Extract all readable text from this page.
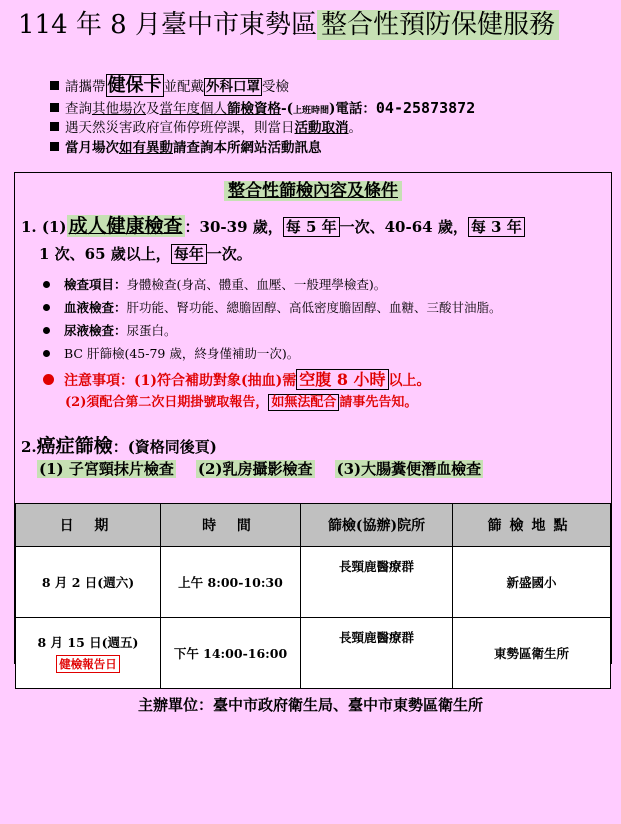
114 年 8 月臺中市東勢區 整合性預防保健服務
請攜帶 健保卡 並配戴 外科口罩 受檢
查詢其他場次及當年度個人篩檢資格-(上班時間)電話：04-25873872
遇天然災害政府宣佈停班停課，則當日活動取消。
當月場次如有異動請查詢本所網站活動訊息
整合性篩檢內容及條件
1. (1) 成人健康檢查 ：30-39 歲， 每 5 年 一次、40-64 歲， 每 3 年
1 次、65 歲以上， 每年 一次。
檢查項目：身體檢查(身高、體重、血壓、一般理學檢查)。
血液檢查：肝功能、腎功能、總膽固醇、高低密度膽固醇、血糖、三酸甘油脂。
尿液檢查：尿蛋白。
BC 肝篩檢(45-79 歲，終身僅補助一次)。
注意事項：(1)符合補助對象(抽血)需 空腹 8 小時 以上。
(2)須配合第二次日期掛號取報告， 如無法配合 請事先告知。
2.癌症篩檢：(資格同後頁)
(1) 子宮頸抹片檢查 (2)乳房攝影檢查 (3)大腸糞便潛血檢查
日 期	時 間	篩檢(協辦)院所	篩檢地點
8 月 2 日(週六)	上午 8:00-10:30	長頸鹿醫療群	新盛國小

8 月 15 日(週五)
健檢報告日	下午 14:00-16:00	長頸鹿醫療群	東勢區衛生所
主辦單位：臺中市政府衛生局、臺中市東勢區衛生所
